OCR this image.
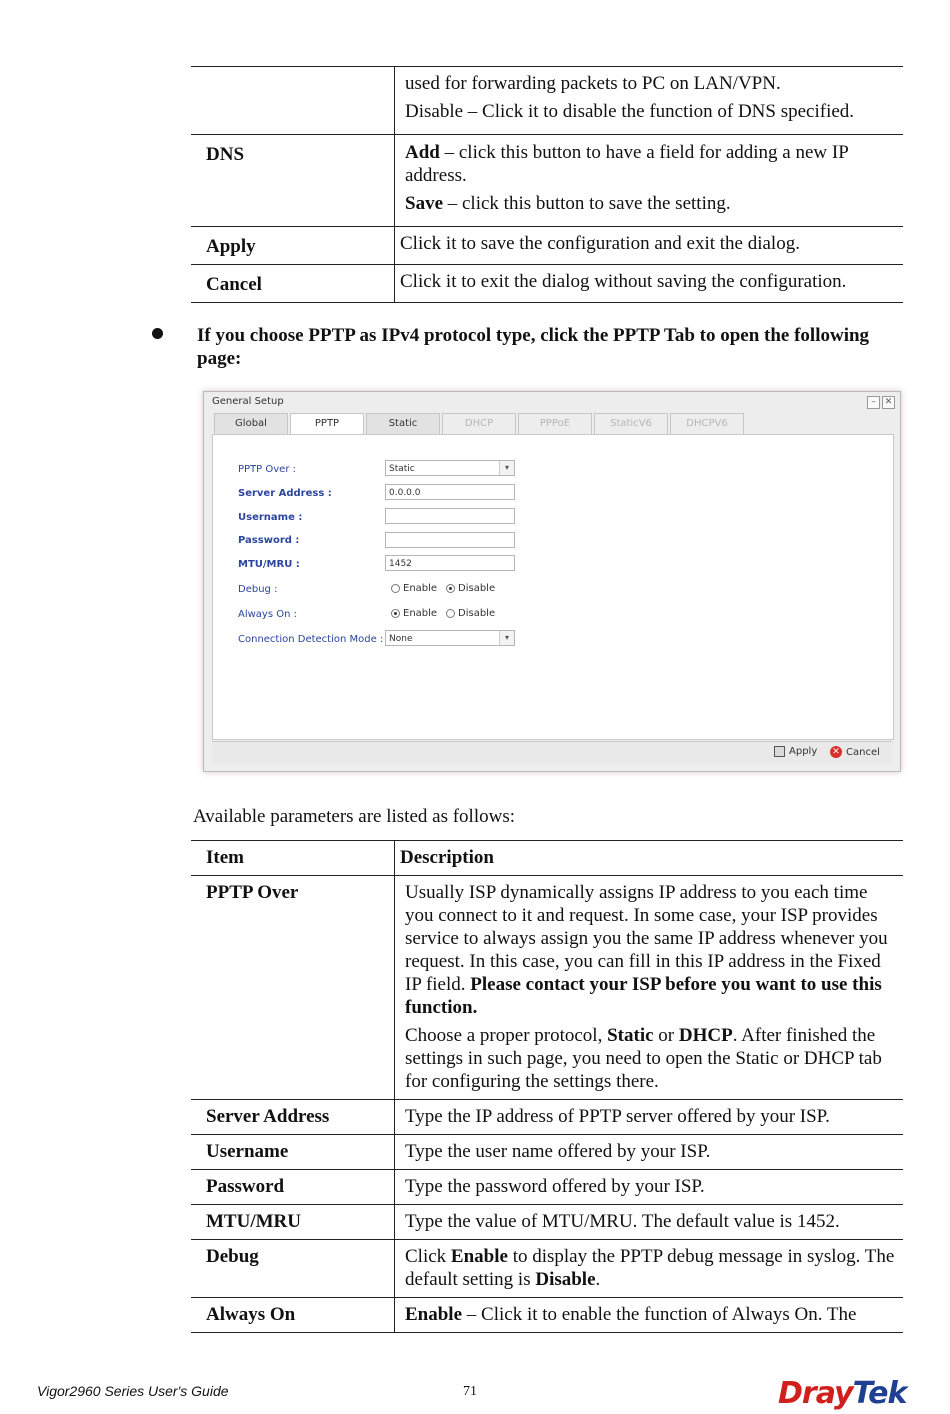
	used for forwarding packets to PC on LAN/VPN.

Disable – Click it to disable the function of DNS specified.

DNS	Add – click this button to have a field for adding a new IP address.

Save – click this button to save the setting.

Apply	Click it to save the configuration and exit the dialog.
Cancel	Click it to exit the dialog without saving the configuration.
If you choose PPTP as IPv4 protocol type, click the PPTP Tab to open the following page:
General Setup	– ✕
Global	PPTP	Static	DHCP	PPPoE	StaticV6	DHCPV6
PPTP Over :	Static	▾
Server Address :	0.0.0.0
Username :
Password :
MTU/MRU :	1452
Debug :	Enable Disable
Always On :	Enable Disable
Connection Detection Mode : None	▾
Apply ✕ Cancel
Available parameters are listed as follows:
Item	Description
PPTP Over	Usually ISP dynamically assigns IP address to you each time you connect to it and request. In some case, your ISP provides service to always assign you the same IP address whenever you request. In this case, you can fill in this IP address in the Fixed IP field. Please contact your ISP before you want to use this function.

Choose a proper protocol, Static or DHCP. After finished the settings in such page, you need to open the Static or DHCP tab for configuring the settings there.

Server Address	Type the IP address of PPTP server offered by your ISP.
Username	Type the user name offered by your ISP.
Password	Type the password offered by your ISP.
MTU/MRU	Type the value of MTU/MRU. The default value is 1452.
Debug	Click Enable to display the PPTP debug message in syslog. The default setting is Disable.
Always On	Enable – Click it to enable the function of Always On. The
Vigor2960 Series User's Guide	71	DrayTek
